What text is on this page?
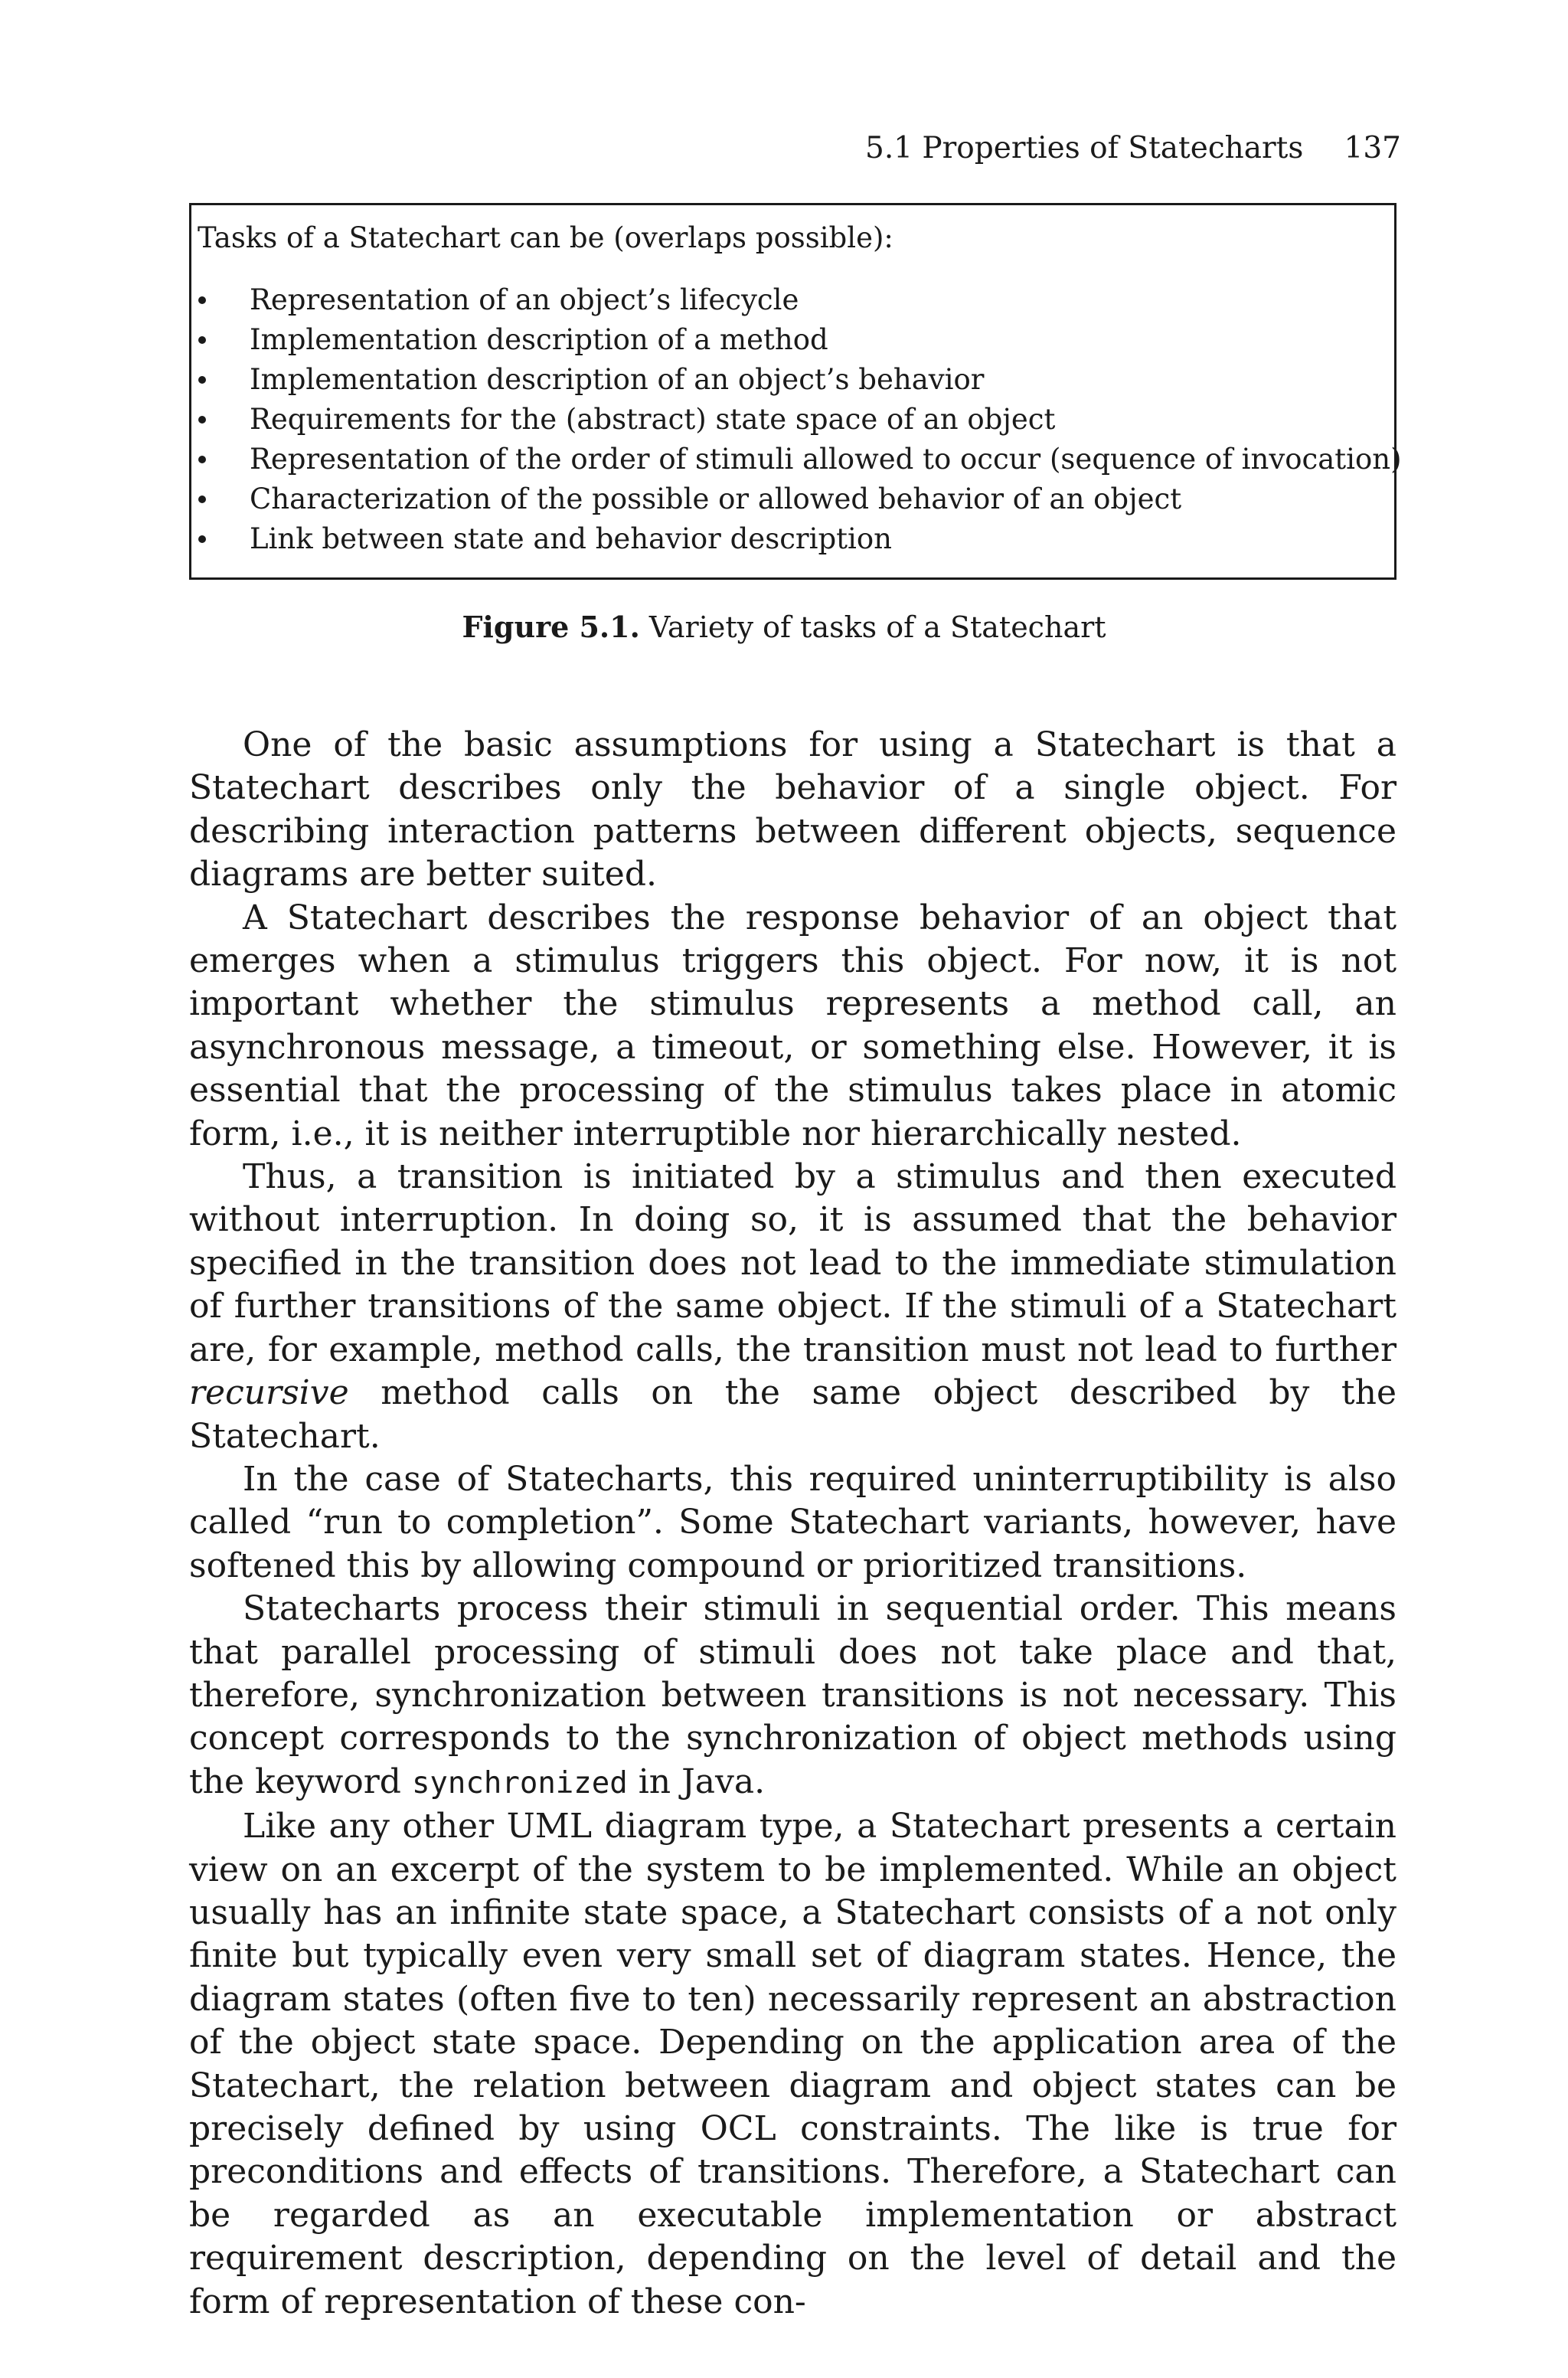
5.1 Properties of Statecharts 137
Tasks of a Statechart can be (overlaps possible):
Representation of an object’s lifecycle
Implementation description of a method
Implementation description of an object’s behavior
Requirements for the (abstract) state space of an object
Representation of the order of stimuli allowed to occur (sequence of invocation)
Characterization of the possible or allowed behavior of an object
Link between state and behavior description
Figure 5.1. Variety of tasks of a Statechart

One of the basic assumptions for using a Statechart is that a Statechart describes only the behavior of a single object. For describing interaction patterns between different objects, sequence diagrams are better suited.

A Statechart describes the response behavior of an object that emerges when a stimulus triggers this object. For now, it is not important whether the stimulus represents a method call, an asynchronous message, a timeout, or something else. However, it is essential that the processing of the stimulus takes place in atomic form, i.e., it is neither interruptible nor hierarchically nested.

Thus, a transition is initiated by a stimulus and then executed without interruption. In doing so, it is assumed that the behavior specified in the transition does not lead to the immediate stimulation of further transitions of the same object. If the stimuli of a Statechart are, for example, method calls, the transition must not lead to further recursive method calls on the same object described by the Statechart.

In the case of Statecharts, this required uninterruptibility is also called “run to completion”. Some Statechart variants, however, have softened this by allowing compound or prioritized transitions.

Statecharts process their stimuli in sequential order. This means that parallel processing of stimuli does not take place and that, therefore, synchronization between transitions is not necessary. This concept corresponds to the synchronization of object methods using the keyword synchronized in Java.

Like any other UML diagram type, a Statechart presents a certain view on an excerpt of the system to be implemented. While an object usually has an infinite state space, a Statechart consists of a not only finite but typically even very small set of diagram states. Hence, the diagram states (often five to ten) necessarily represent an abstraction of the object state space. Depending on the application area of the Statechart, the relation between diagram and object states can be precisely defined by using OCL constraints. The like is true for preconditions and effects of transitions. Therefore, a Statechart can be regarded as an executable implementation or abstract requirement description, depending on the level of detail and the form of representation of these con-
